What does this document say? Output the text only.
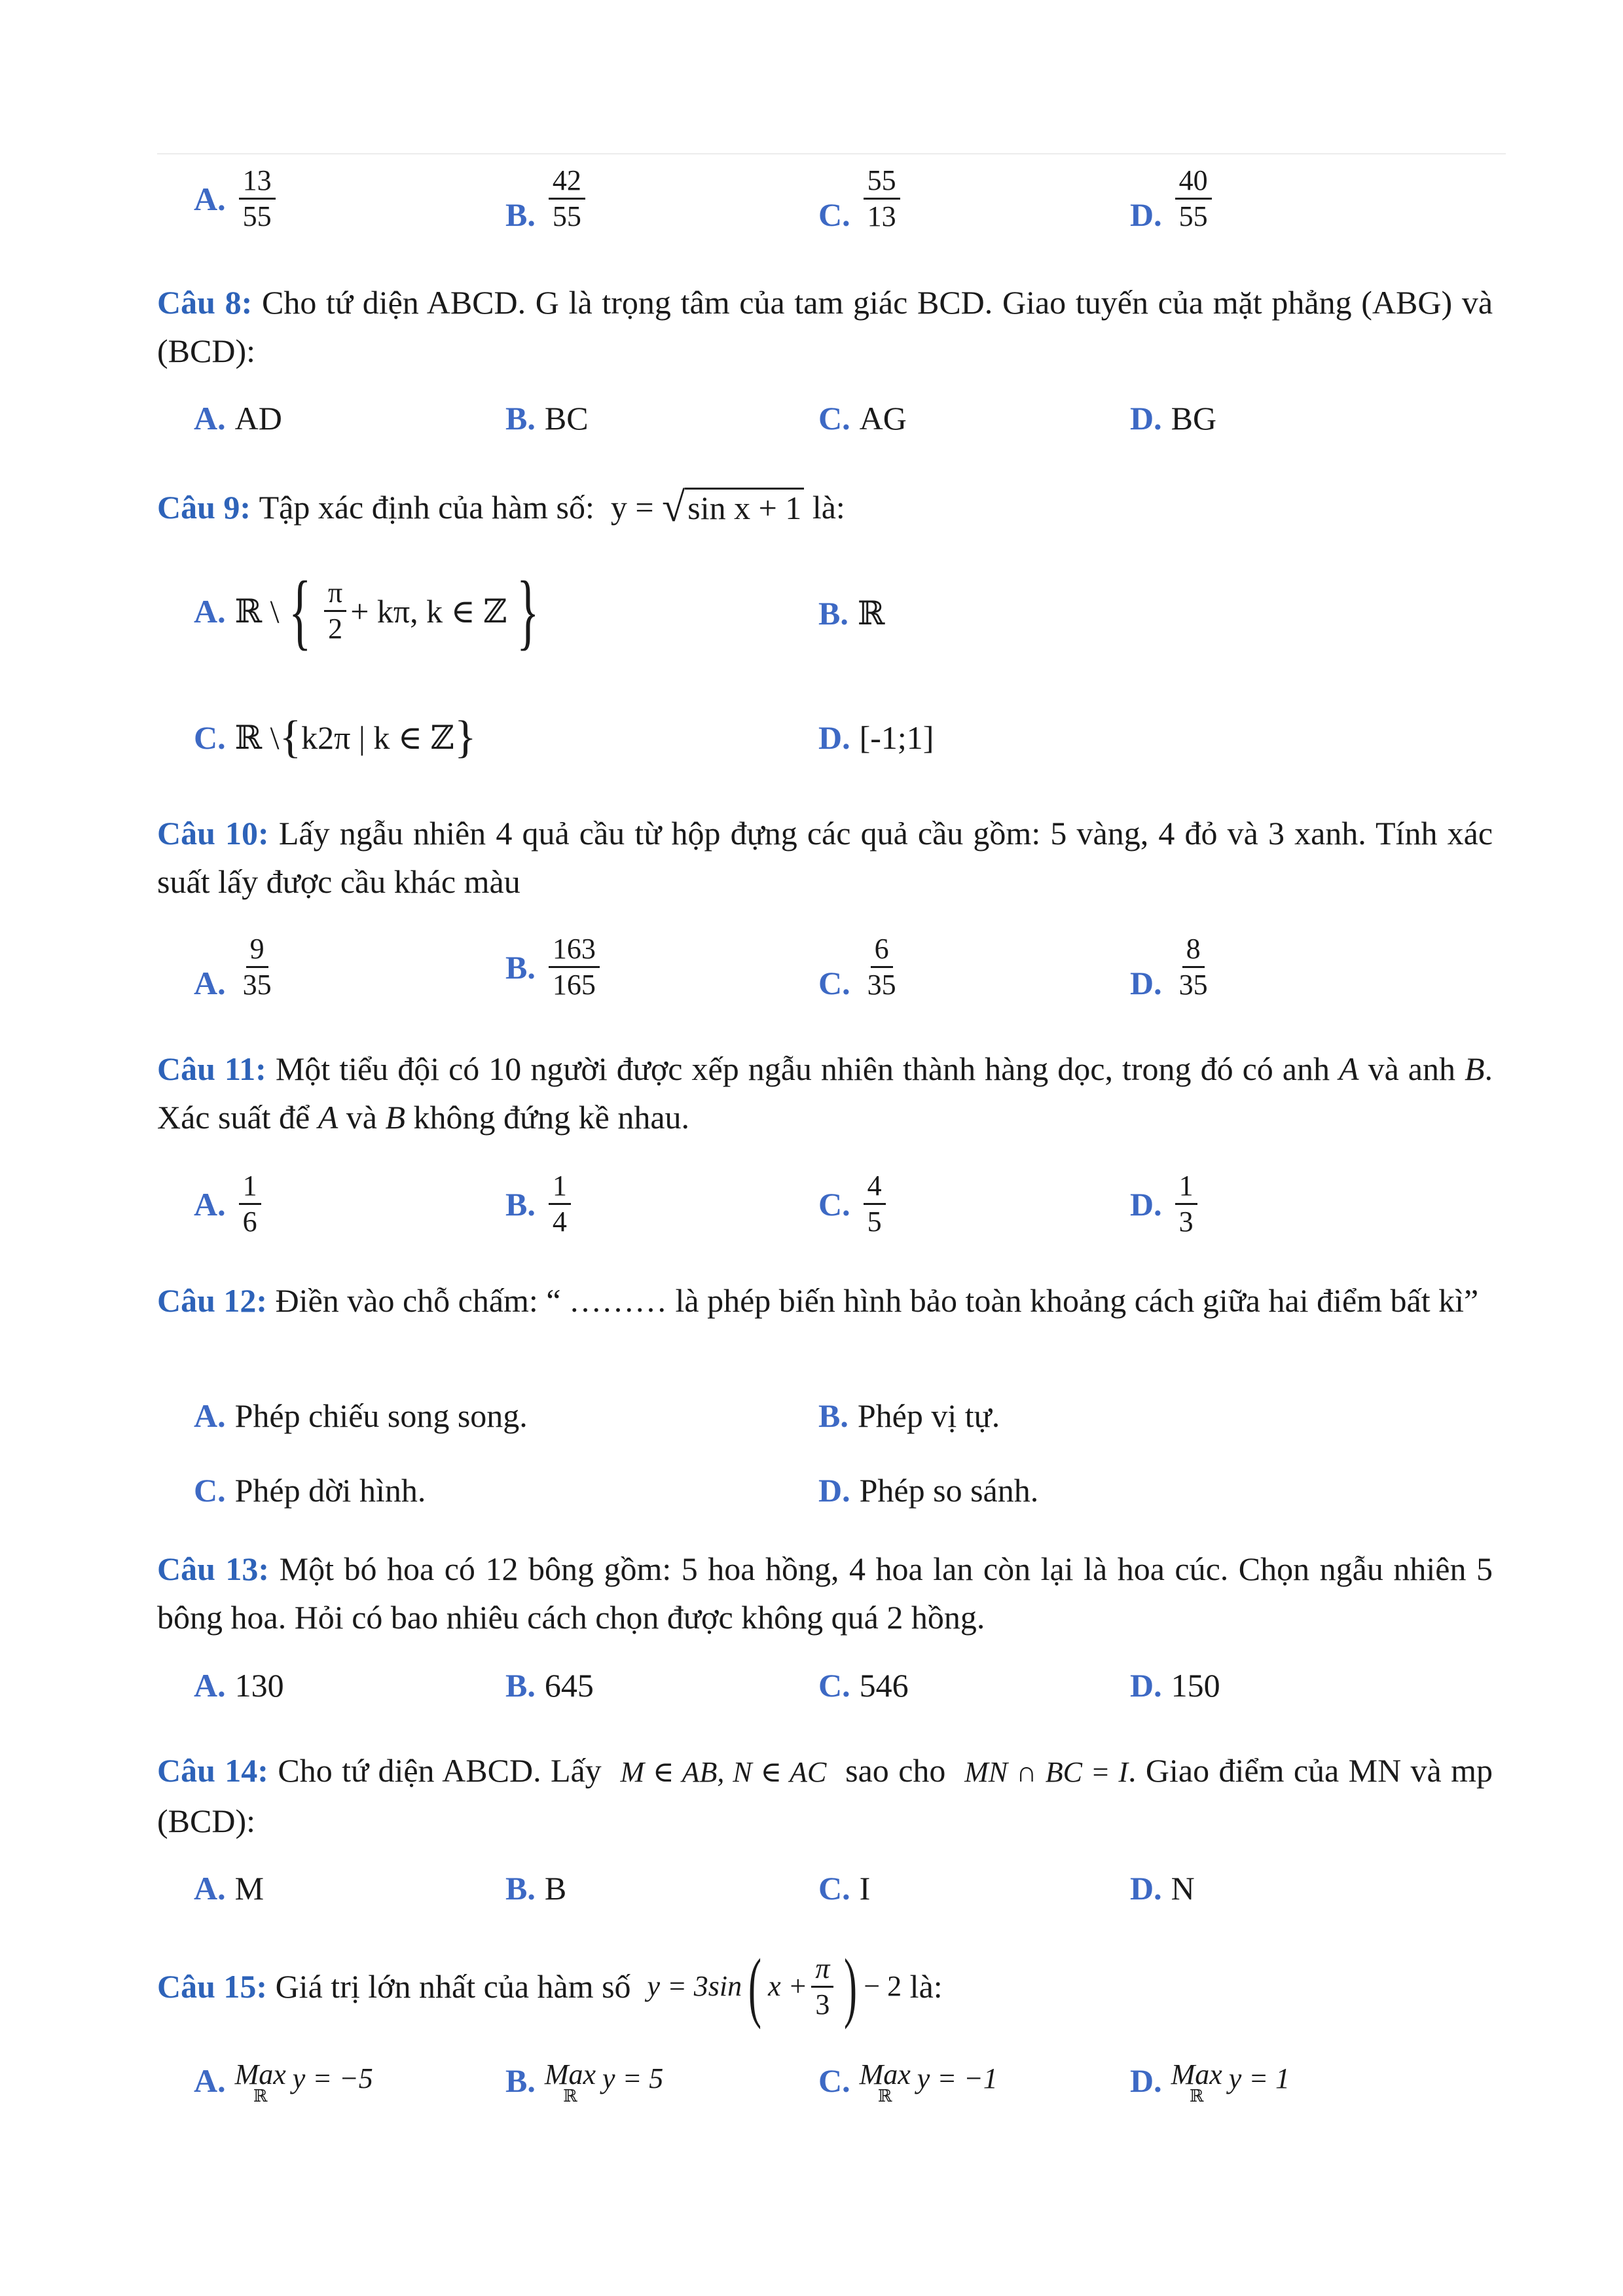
A. $\frac{13}{55}$	B. $\frac{42}{55}$	C. $\frac{55}{13}$	D. $\frac{40}{55}$
Câu 8: Cho tứ diện ABCD. G là trọng tâm của tam giác BCD. Giao tuyến của mặt phẳng (ABG) và (BCD):
A. AD	B. BC	C. AG	D. BG
Câu 9:
Tập xác định của hàm số:
y =
√ sin x + 1
là:
A. ℝ \ { $\frac{\pi}{2} + k\pi$, k ∈ ℤ }	B. ℝ
C. ℝ \ { k2π | k ∈ ℤ }	D. [-1;1]
Câu 10: Lấy ngẫu nhiên 4 quả cầu từ hộp đựng các quả cầu gồm: 5 vàng, 4 đỏ và 3 xanh. Tính xác suất lấy được cầu khác màu
A. $\frac{9}{35}$	B. $\frac{163}{165}$	C. $\frac{6}{35}$	D. $\frac{8}{35}$
Câu 11: Một tiểu đội có 10 người được xếp ngẫu nhiên thành hàng dọc, trong đó có anh A và anh B. Xác suất để A và B không đứng kề nhau.
A. $\frac{1}{6}$	B. $\frac{1}{4}$	C. $\frac{4}{5}$	D. $\frac{1}{3}$
Câu 12: Điền vào chỗ chấm: “ ……… là phép biến hình bảo toàn khoảng cách giữa hai điểm bất kì”
A. Phép chiếu song song.	B. Phép vị tự.
C. Phép dời hình.	D. Phép so sánh.
Câu 13: Một bó hoa có 12 bông gồm: 5 hoa hồng, 4 hoa lan còn lại là hoa cúc. Chọn ngẫu nhiên 5 bông hoa. Hỏi có bao nhiêu cách chọn được không quá 2 hồng.
A. 130	B. 645	C. 546	D. 150
Câu 14: Cho tứ diện ABCD. Lấy M ∈ AB, N ∈ AC sao cho MN ∩ BC = I. Giao điểm của MN và mp (BCD):
A. M	B. B	C. I	D. N
Câu 15:
Giá trị lớn nhất của hàm số
y = 3sin ( $x + \frac{\pi}{3}$ ) − 2
là:
A. Max
ℝ
y = −5	B. Max
ℝ
y = 5	C. Max
ℝ
y = −1	D. Max
ℝ
y = 1
